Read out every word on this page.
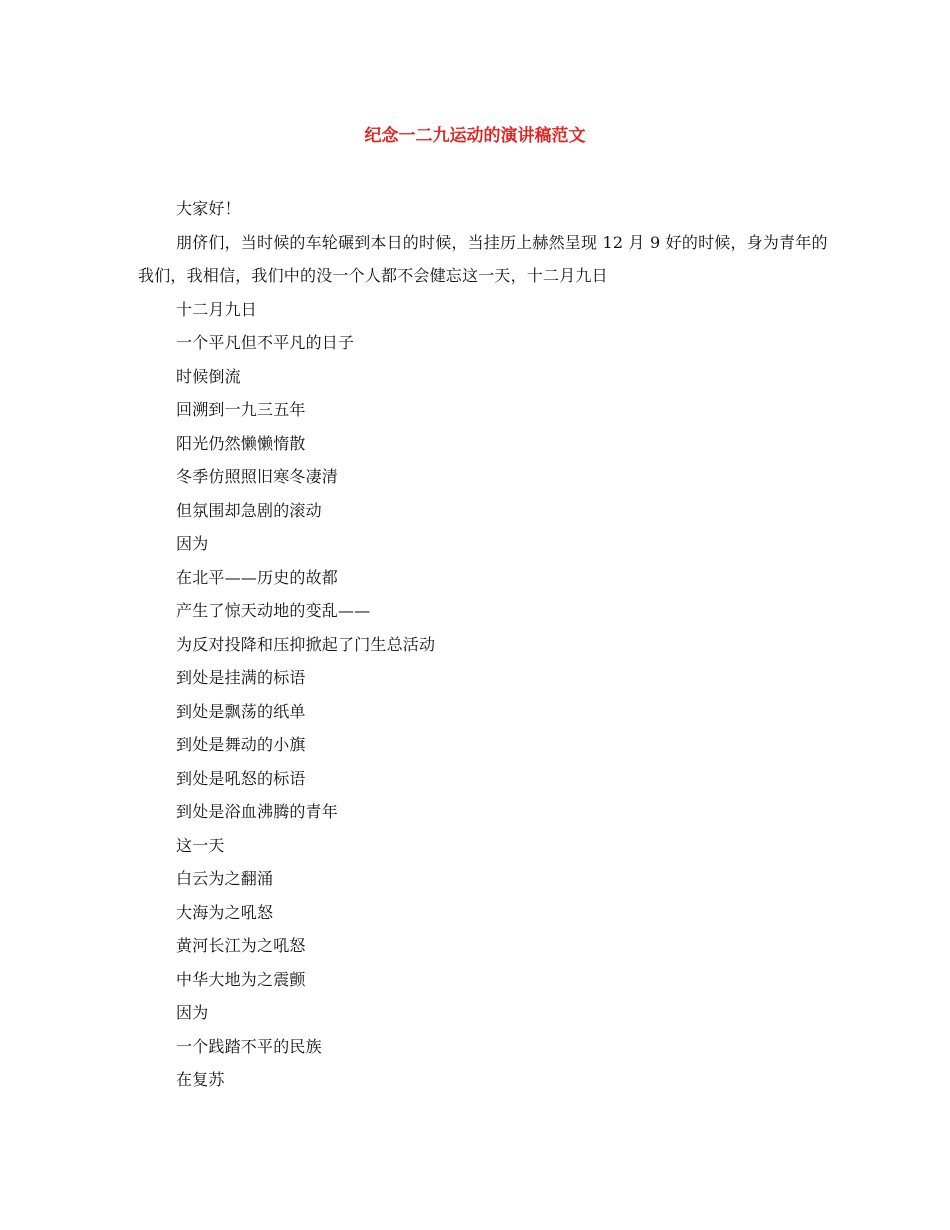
纪念一二九运动的演讲稿范文

大家好！

朋侪们，当时候的车轮碾到本日的时候，当挂历上赫然呈现 12 月 9 好的时候，身为青年的我们，我相信，我们中的没一个人都不会健忘这一天，十二月九日

十二月九日

一个平凡但不平凡的日子

时候倒流

回溯到一九三五年

阳光仍然懒懒惰散

冬季仿照照旧寒冬凄清

但氛围却急剧的滚动

因为

在北平——历史的故都

产生了惊天动地的变乱——

为反对投降和压抑掀起了门生总活动

到处是挂满的标语

到处是飘荡的纸单

到处是舞动的小旗

到处是吼怒的标语

到处是浴血沸腾的青年

这一天

白云为之翻涌

大海为之吼怒

黄河长江为之吼怒

中华大地为之震颤

因为

一个践踏不平的民族

在复苏
